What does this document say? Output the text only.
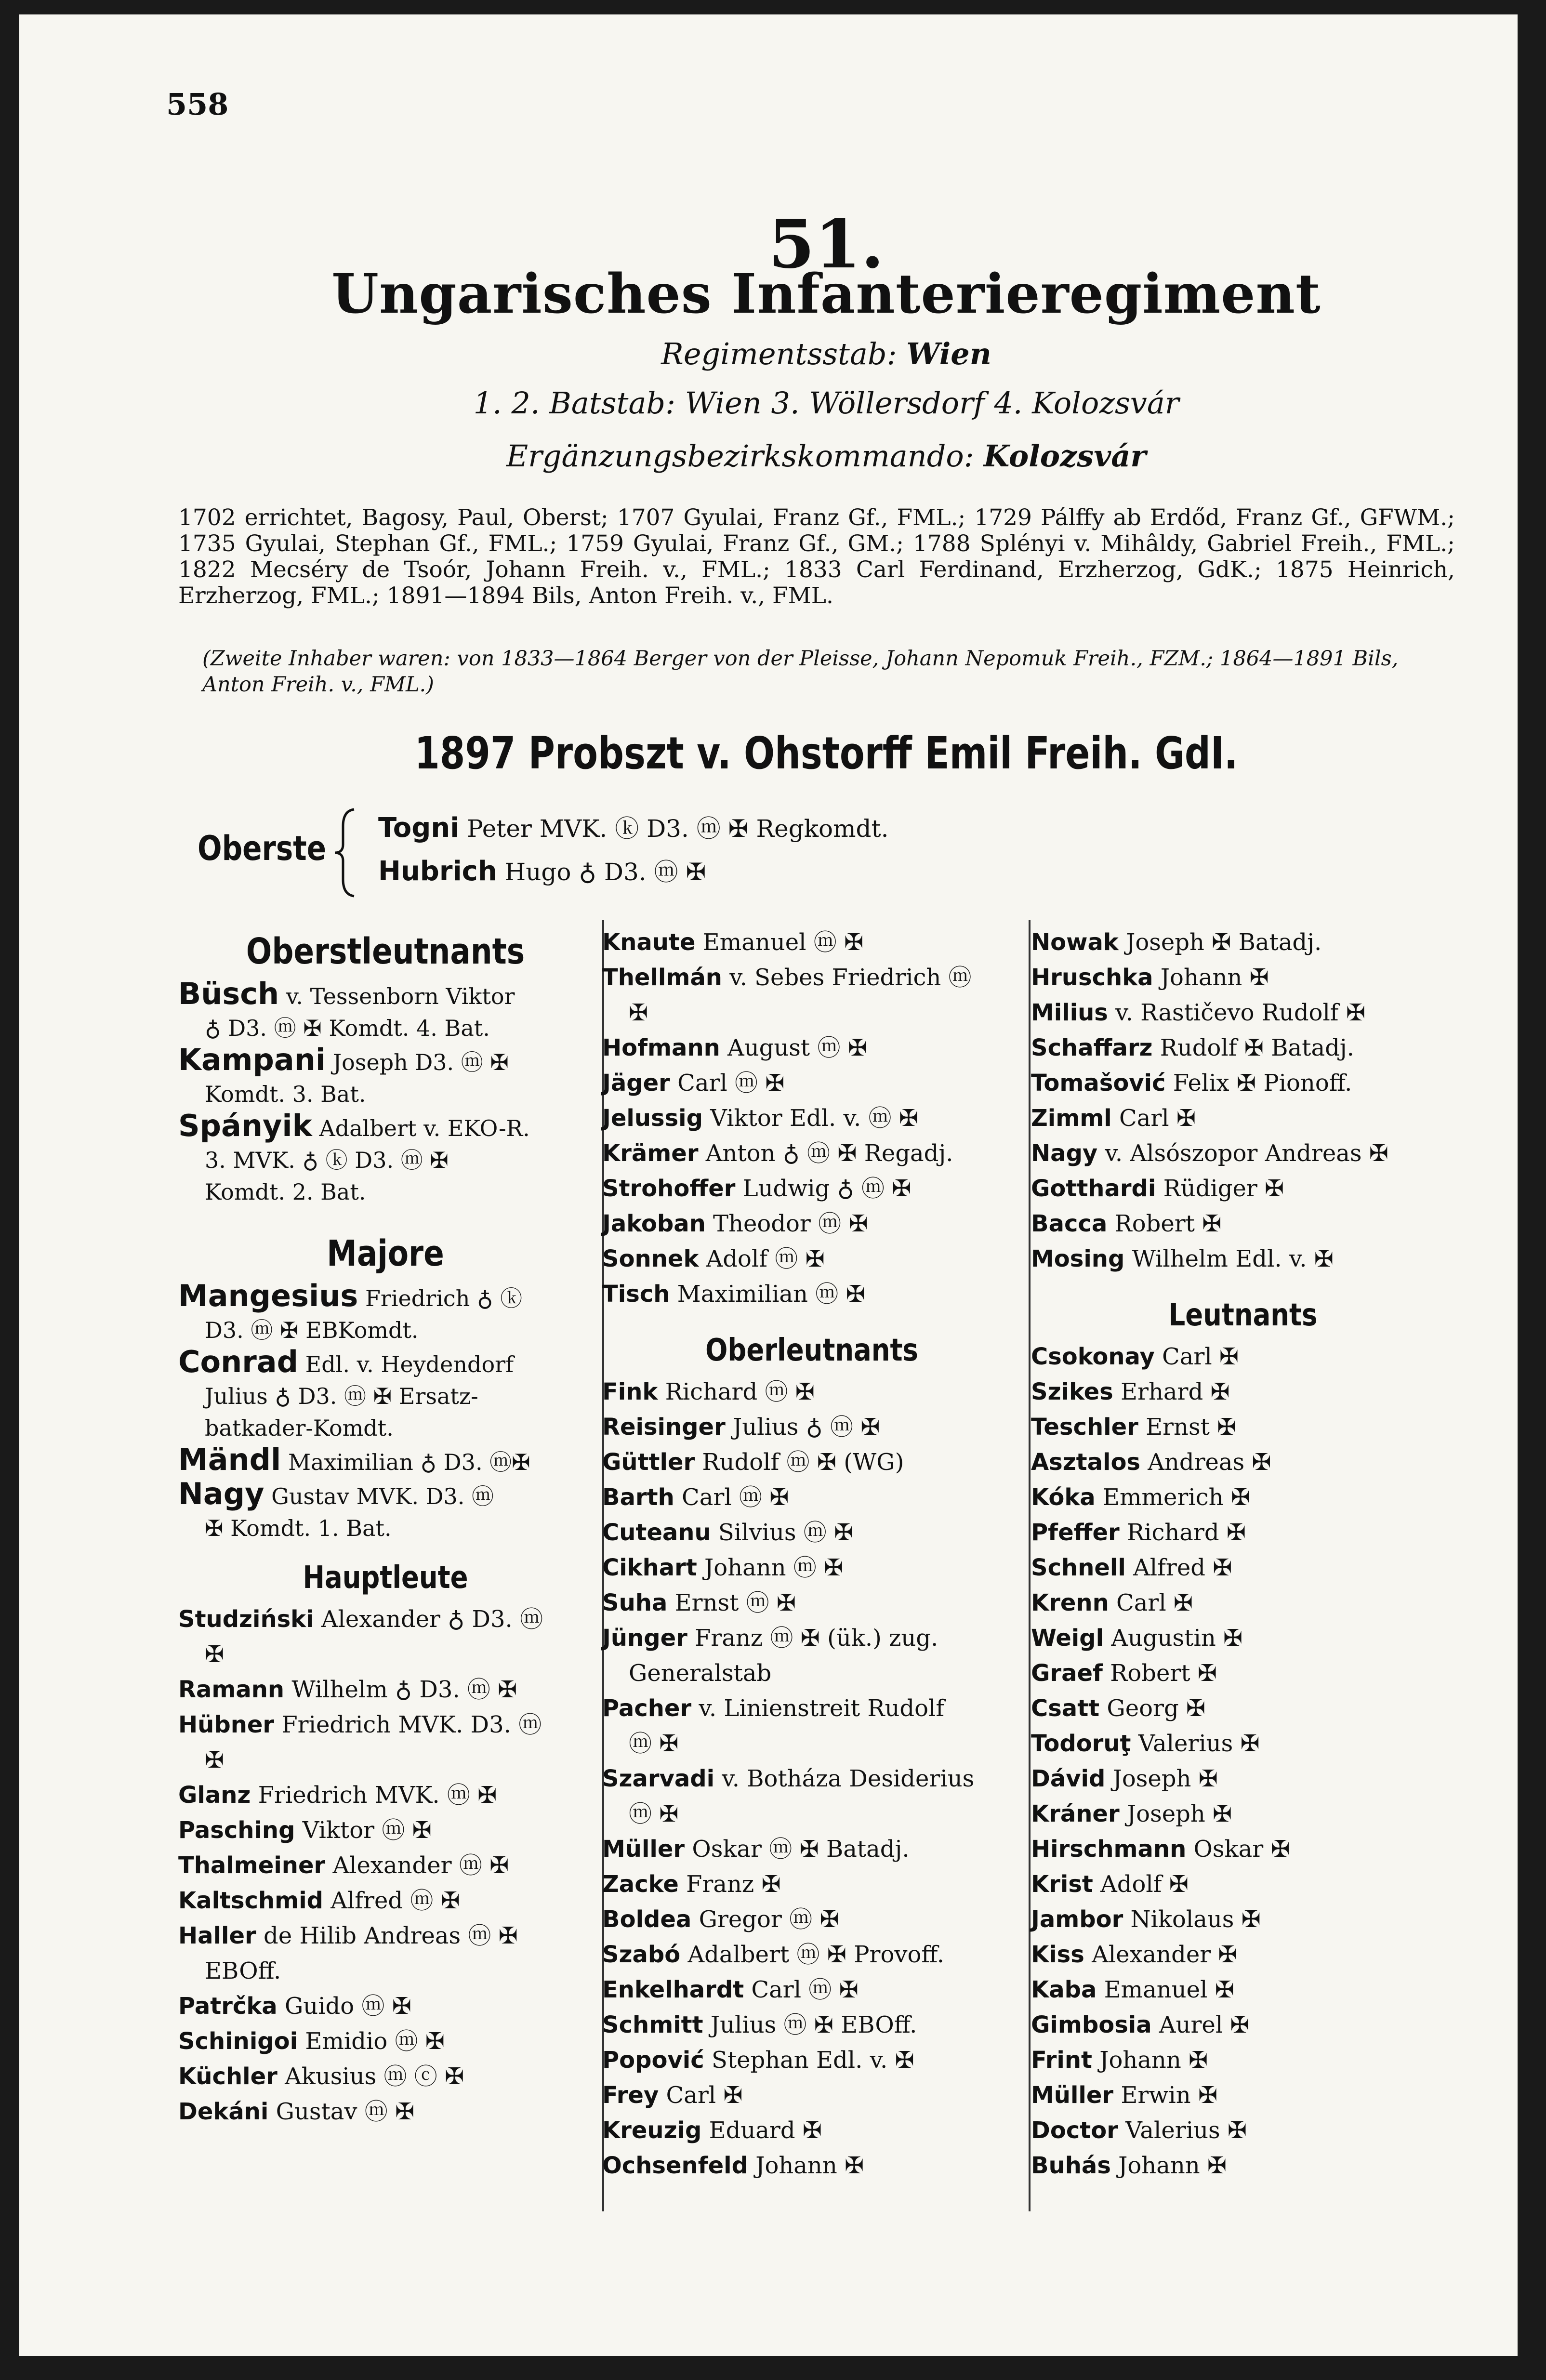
558
51.
Ungarisches Infanterieregiment
Regimentsstab: Wien
1. 2. Batstab: Wien 3. Wöllersdorf 4. Kolozsvár
Ergänzungsbezirkskommando: Kolozsvár
1702 errichtet, Bagosy, Paul, Oberst; 1707 Gyulai, Franz Gf., FML.; 1729 Pálffy ab Erdőd, Franz Gf., GFWM.; 1735 Gyulai, Stephan Gf., FML.; 1759 Gyulai, Franz Gf., GM.; 1788 Splényi v. Mihâldy, Gabriel Freih., FML.; 1822 Mecséry de Tsoór, Johann Freih. v., FML.; 1833 Carl Ferdinand, Erzherzog, GdK.; 1875 Heinrich, Erzherzog, FML.; 1891—1894 Bils, Anton Freih. v., FML.
(Zweite Inhaber waren: von 1833—1864 Berger von der Pleisse, Johann Nepomuk Freih., FZM.; 1864—1891 Bils, Anton Freih. v., FML.)
1897 Probszt v. Ohstorff Emil Freih. GdI.
Oberste
Togni Peter MVK. ⓚ D3. ⓜ ✠ Regkomdt.
Hubrich Hugo ♁ D3. ⓜ ✠
Oberstleutnants
Büsch v. Tessenborn Viktor
♁ D3. ⓜ ✠ Komdt. 4. Bat.
Kampani Joseph D3. ⓜ ✠
Komdt. 3. Bat.
Spányik Adalbert v. EKO-R.
3. MVK. ♁ ⓚ D3. ⓜ ✠
Komdt. 2. Bat.
Majore
Mangesius Friedrich ♁ ⓚ
D3. ⓜ ✠ EBKomdt.
Conrad Edl. v. Heydendorf
Julius ♁ D3. ⓜ ✠ Ersatz-
batkader-Komdt.
Mändl Maximilian ♁ D3. ⓜ✠
Nagy Gustav MVK. D3. ⓜ
✠ Komdt. 1. Bat.
Hauptleute
Studziński Alexander ♁ D3. ⓜ
✠
Ramann Wilhelm ♁ D3. ⓜ ✠
Hübner Friedrich MVK. D3. ⓜ
✠
Glanz Friedrich MVK. ⓜ ✠
Pasching Viktor ⓜ ✠
Thalmeiner Alexander ⓜ ✠
Kaltschmid Alfred ⓜ ✠
Haller de Hilib Andreas ⓜ ✠
EBOff.
Patrčka Guido ⓜ ✠
Schinigoi Emidio ⓜ ✠
Küchler Akusius ⓜ ⓒ ✠
Dekáni Gustav ⓜ ✠
Knaute Emanuel ⓜ ✠
Thellmán v. Sebes Friedrich ⓜ
✠
Hofmann August ⓜ ✠
Jäger Carl ⓜ ✠
Jelussig Viktor Edl. v. ⓜ ✠
Krämer Anton ♁ ⓜ ✠ Regadj.
Strohoffer Ludwig ♁ ⓜ ✠
Jakoban Theodor ⓜ ✠
Sonnek Adolf ⓜ ✠
Tisch Maximilian ⓜ ✠
Oberleutnants
Fink Richard ⓜ ✠
Reisinger Julius ♁ ⓜ ✠
Güttler Rudolf ⓜ ✠ (WG)
Barth Carl ⓜ ✠
Cuteanu Silvius ⓜ ✠
Cikhart Johann ⓜ ✠
Suha Ernst ⓜ ✠
Jünger Franz ⓜ ✠ (ük.) zug.
Generalstab
Pacher v. Linienstreit Rudolf
ⓜ ✠
Szarvadi v. Botháza Desiderius
ⓜ ✠
Müller Oskar ⓜ ✠ Batadj.
Zacke Franz ✠
Boldea Gregor ⓜ ✠
Szabó Adalbert ⓜ ✠ Provoff.
Enkelhardt Carl ⓜ ✠
Schmitt Julius ⓜ ✠ EBOff.
Popović Stephan Edl. v. ✠
Frey Carl ✠
Kreuzig Eduard ✠
Ochsenfeld Johann ✠
Nowak Joseph ✠ Batadj.
Hruschka Johann ✠
Milius v. Rastičevo Rudolf ✠
Schaffarz Rudolf ✠ Batadj.
Tomašović Felix ✠ Pionoff.
Zimml Carl ✠
Nagy v. Alsószopor Andreas ✠
Gotthardi Rüdiger ✠
Bacca Robert ✠
Mosing Wilhelm Edl. v. ✠
Leutnants
Csokonay Carl ✠
Szikes Erhard ✠
Teschler Ernst ✠
Asztalos Andreas ✠
Kóka Emmerich ✠
Pfeffer Richard ✠
Schnell Alfred ✠
Krenn Carl ✠
Weigl Augustin ✠
Graef Robert ✠
Csatt Georg ✠
Todoruţ Valerius ✠
Dávid Joseph ✠
Kráner Joseph ✠
Hirschmann Oskar ✠
Krist Adolf ✠
Jambor Nikolaus ✠
Kiss Alexander ✠
Kaba Emanuel ✠
Gimbosia Aurel ✠
Frint Johann ✠
Müller Erwin ✠
Doctor Valerius ✠
Buhás Johann ✠
